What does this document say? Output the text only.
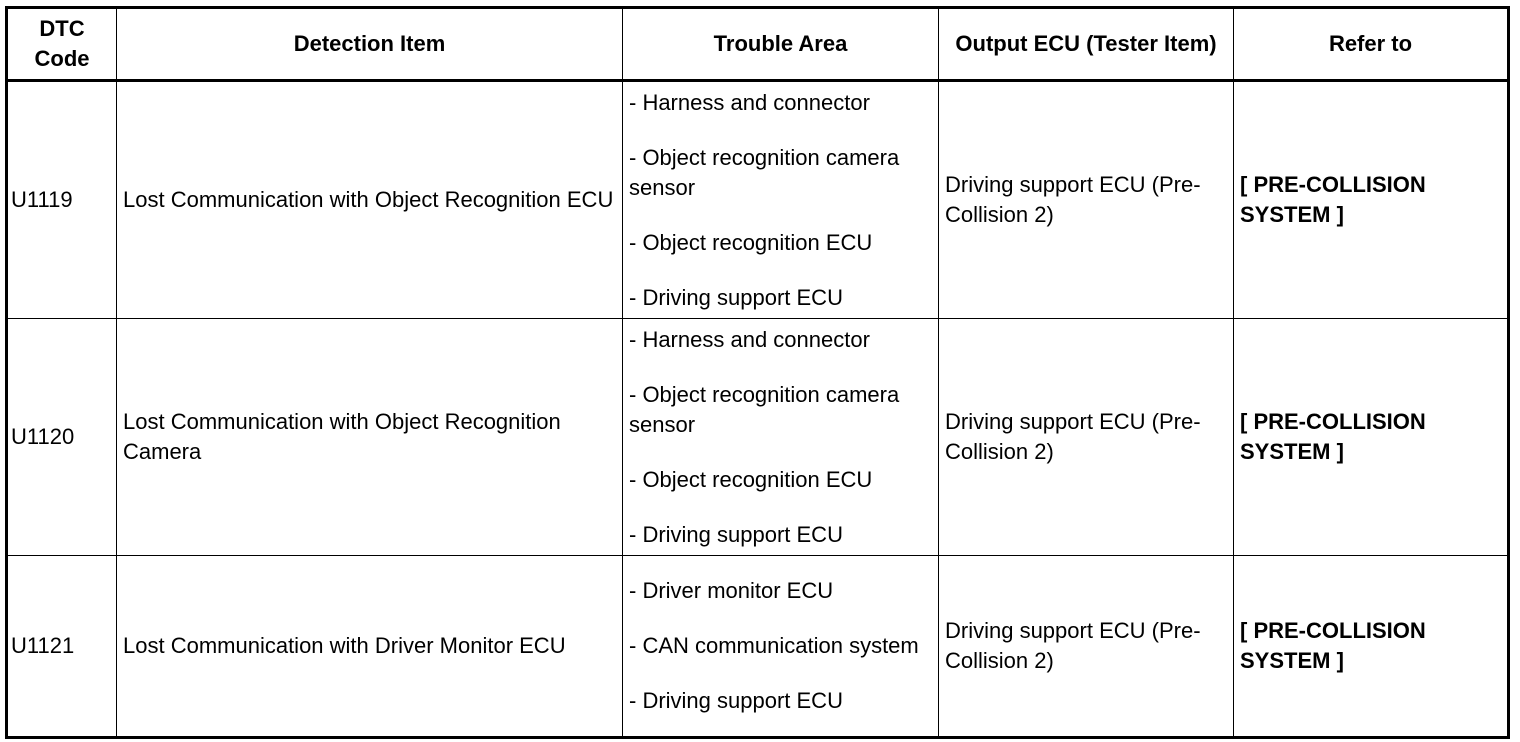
DTC Code	Detection Item	Trouble Area	Output ECU (Tester Item)	Refer to
U1119	Lost Communication with Object Recognition ECU	- Harness and connector
- Object recognition camera sensor
- Object recognition ECU
- Driving support ECU	Driving support ECU (Pre-Collision 2)	[ PRE-COLLISION SYSTEM ]
U1120	Lost Communication with Object Recognition Camera	- Harness and connector
- Object recognition camera sensor
- Object recognition ECU
- Driving support ECU	Driving support ECU (Pre-Collision 2)	[ PRE-COLLISION SYSTEM ]
U1121	Lost Communication with Driver Monitor ECU	- Driver monitor ECU
- CAN communication system
- Driving support ECU	Driving support ECU (Pre-Collision 2)	[ PRE-COLLISION SYSTEM ]
